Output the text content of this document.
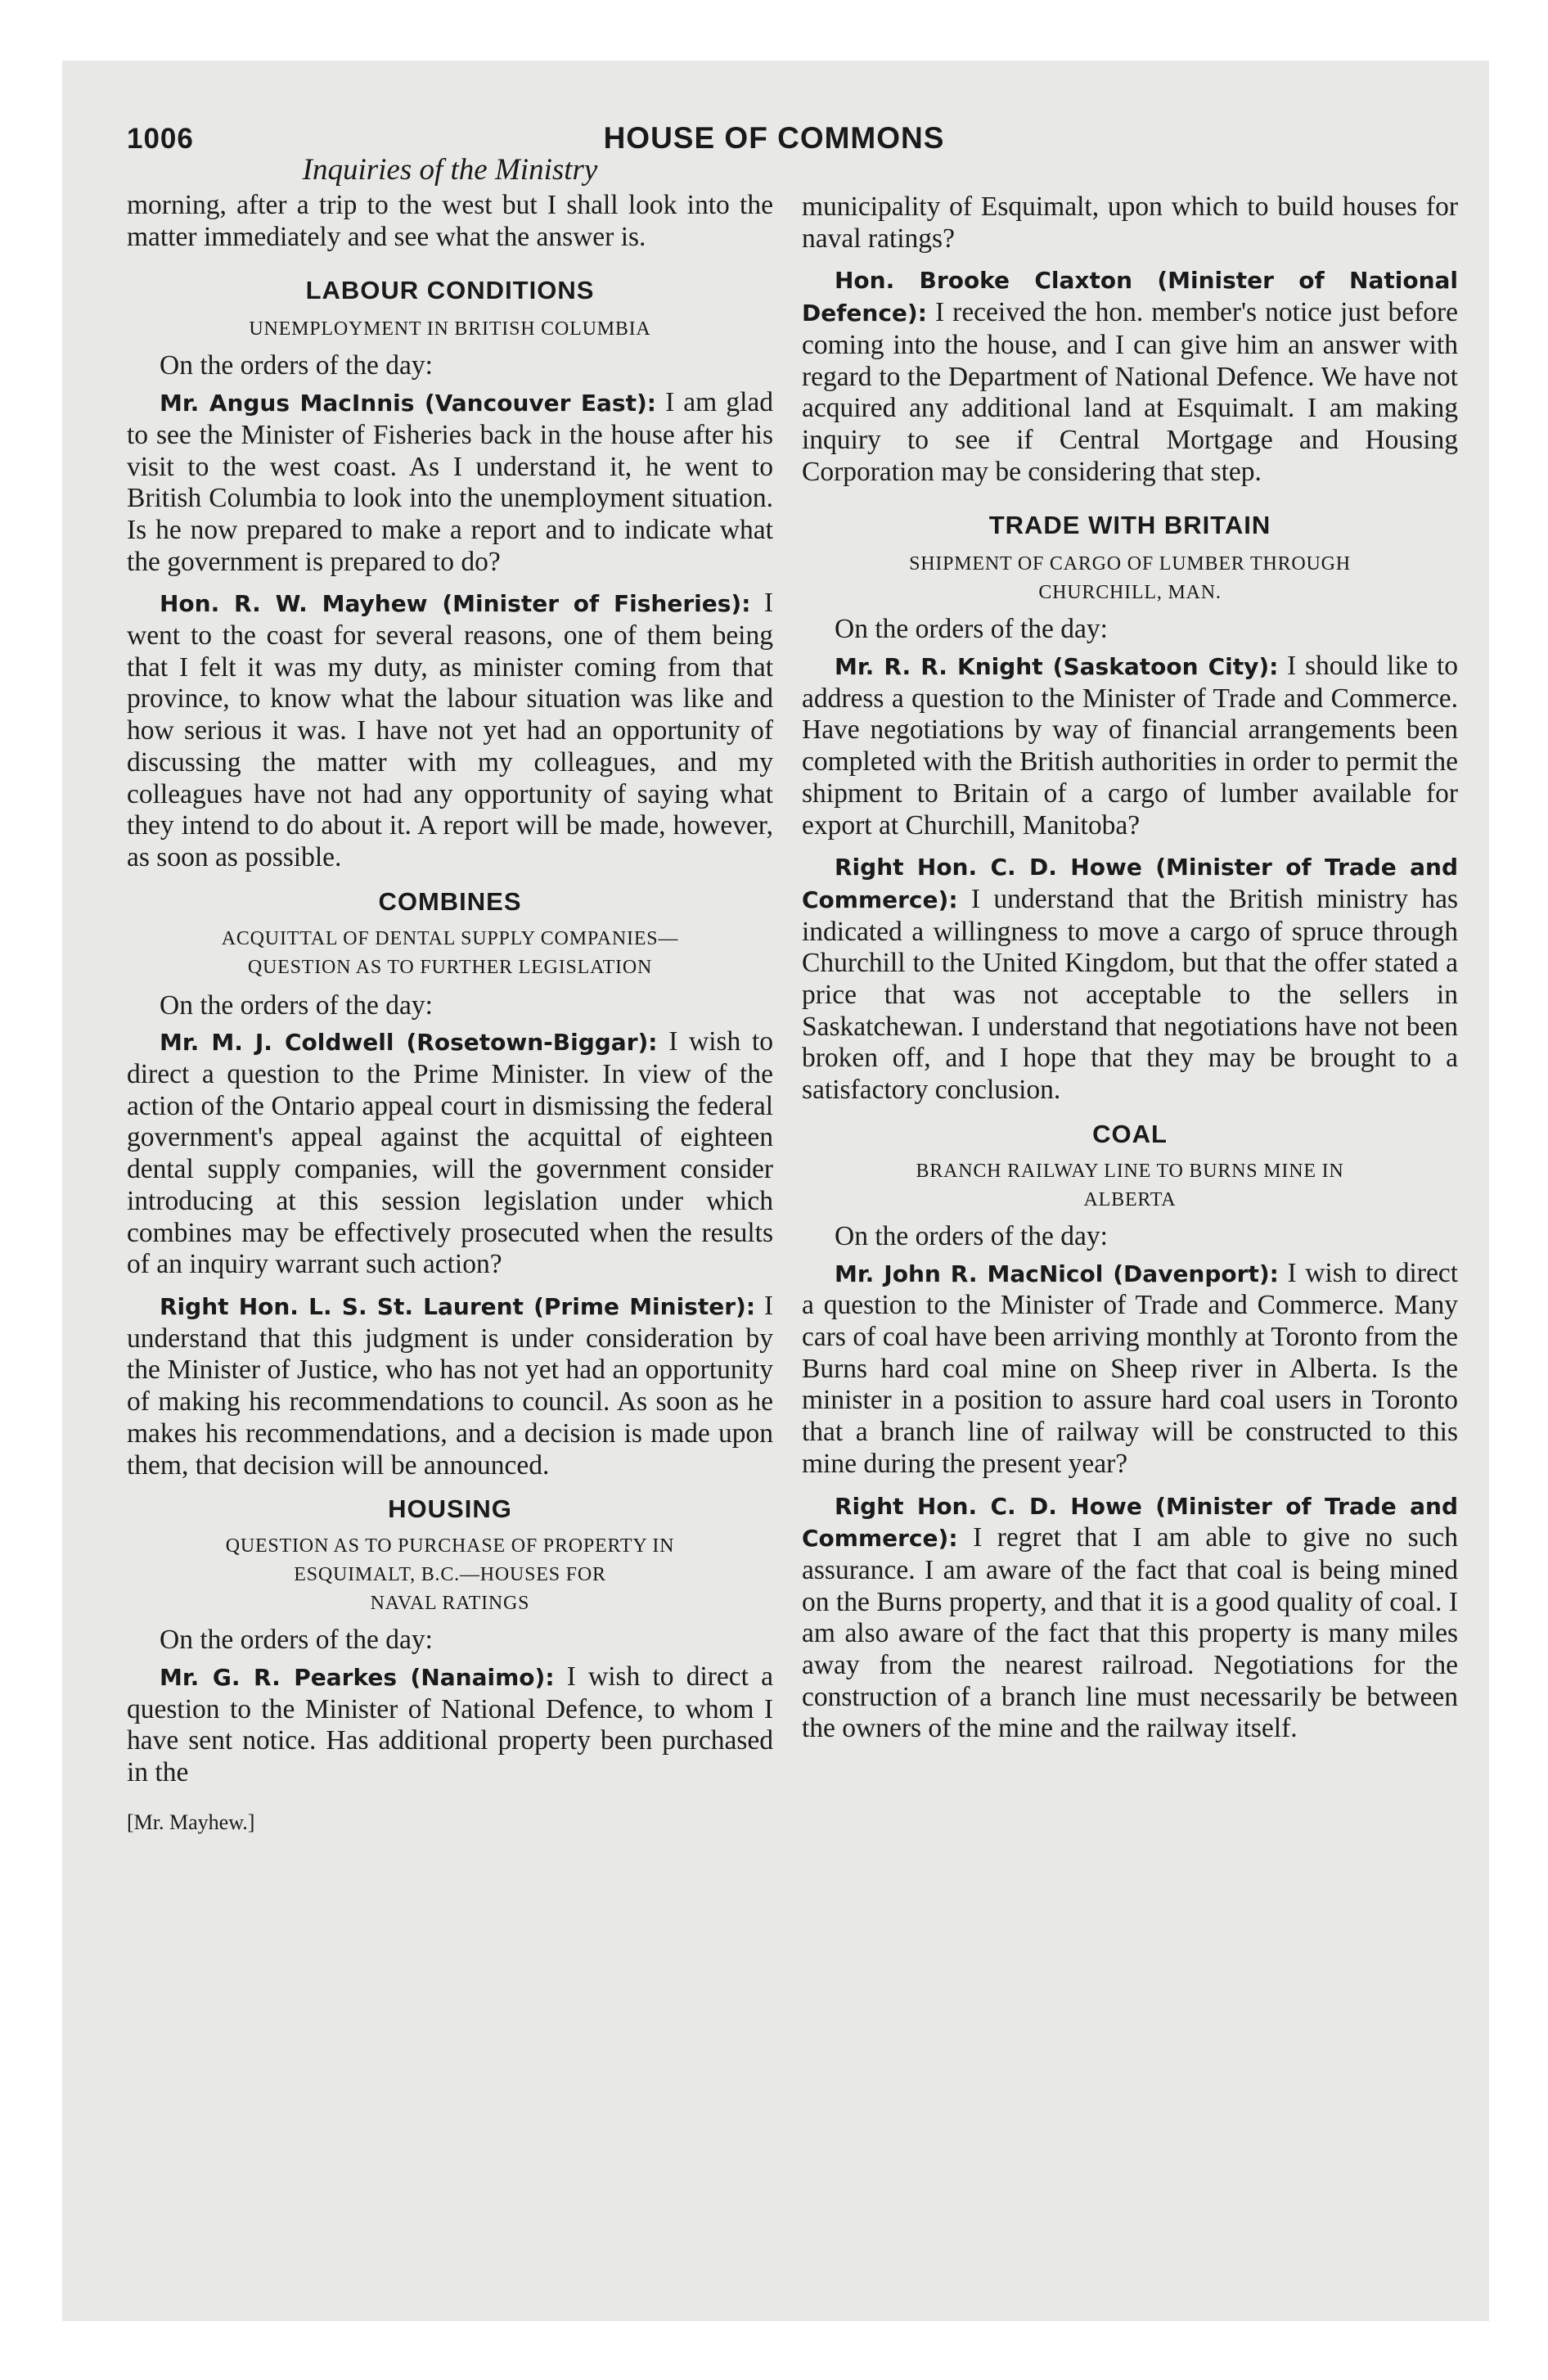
1006	HOUSE OF COMMONS
Inquiries of the Ministry

morning, after a trip to the west but I shall look into the matter immediately and see what the answer is.

LABOUR CONDITIONS
UNEMPLOYMENT IN BRITISH COLUMBIA

On the orders of the day:

Mr. Angus MacInnis (Vancouver East): I am glad to see the Minister of Fisheries back in the house after his visit to the west coast. As I understand it, he went to British Columbia to look into the unemployment situation. Is he now prepared to make a report and to indicate what the government is prepared to do?

Hon. R. W. Mayhew (Minister of Fisheries): I went to the coast for several reasons, one of them being that I felt it was my duty, as minister coming from that province, to know what the labour situation was like and how serious it was. I have not yet had an opportunity of discussing the matter with my colleagues, and my colleagues have not had any opportunity of saying what they intend to do about it. A report will be made, however, as soon as possible.

COMBINES
ACQUITTAL OF DENTAL SUPPLY COMPANIES—
QUESTION AS TO FURTHER LEGISLATION

On the orders of the day:

Mr. M. J. Coldwell (Rosetown-Biggar): I wish to direct a question to the Prime Minister. In view of the action of the Ontario appeal court in dismissing the federal government's appeal against the acquittal of eighteen dental supply companies, will the government consider introducing at this session legislation under which combines may be effectively prosecuted when the results of an inquiry warrant such action?

Right Hon. L. S. St. Laurent (Prime Minister): I understand that this judgment is under consideration by the Minister of Justice, who has not yet had an opportunity of making his recommendations to council. As soon as he makes his recommendations, and a decision is made upon them, that decision will be announced.

HOUSING
QUESTION AS TO PURCHASE OF PROPERTY IN
ESQUIMALT, B.C.—HOUSES FOR
NAVAL RATINGS

On the orders of the day:

Mr. G. R. Pearkes (Nanaimo): I wish to direct a question to the Minister of National Defence, to whom I have sent notice. Has additional property been purchased in the

[Mr. Mayhew.]

municipality of Esquimalt, upon which to build houses for naval ratings?

Hon. Brooke Claxton (Minister of National Defence): I received the hon. member's notice just before coming into the house, and I can give him an answer with regard to the Department of National Defence. We have not acquired any additional land at Esquimalt. I am making inquiry to see if Central Mortgage and Housing Corporation may be considering that step.

TRADE WITH BRITAIN
SHIPMENT OF CARGO OF LUMBER THROUGH
CHURCHILL, MAN.

On the orders of the day:

Mr. R. R. Knight (Saskatoon City): I should like to address a question to the Minister of Trade and Commerce. Have negotiations by way of financial arrangements been completed with the British authorities in order to permit the shipment to Britain of a cargo of lumber available for export at Churchill, Manitoba?

Right Hon. C. D. Howe (Minister of Trade and Commerce): I understand that the British ministry has indicated a willingness to move a cargo of spruce through Churchill to the United Kingdom, but that the offer stated a price that was not acceptable to the sellers in Saskatchewan. I understand that negotiations have not been broken off, and I hope that they may be brought to a satisfactory conclusion.

COAL
BRANCH RAILWAY LINE TO BURNS MINE IN
ALBERTA

On the orders of the day:

Mr. John R. MacNicol (Davenport): I wish to direct a question to the Minister of Trade and Commerce. Many cars of coal have been arriving monthly at Toronto from the Burns hard coal mine on Sheep river in Alberta. Is the minister in a position to assure hard coal users in Toronto that a branch line of railway will be constructed to this mine during the present year?

Right Hon. C. D. Howe (Minister of Trade and Commerce): I regret that I am able to give no such assurance. I am aware of the fact that coal is being mined on the Burns property, and that it is a good quality of coal. I am also aware of the fact that this property is many miles away from the nearest railroad. Negotiations for the construction of a branch line must necessarily be between the owners of the mine and the railway itself.
